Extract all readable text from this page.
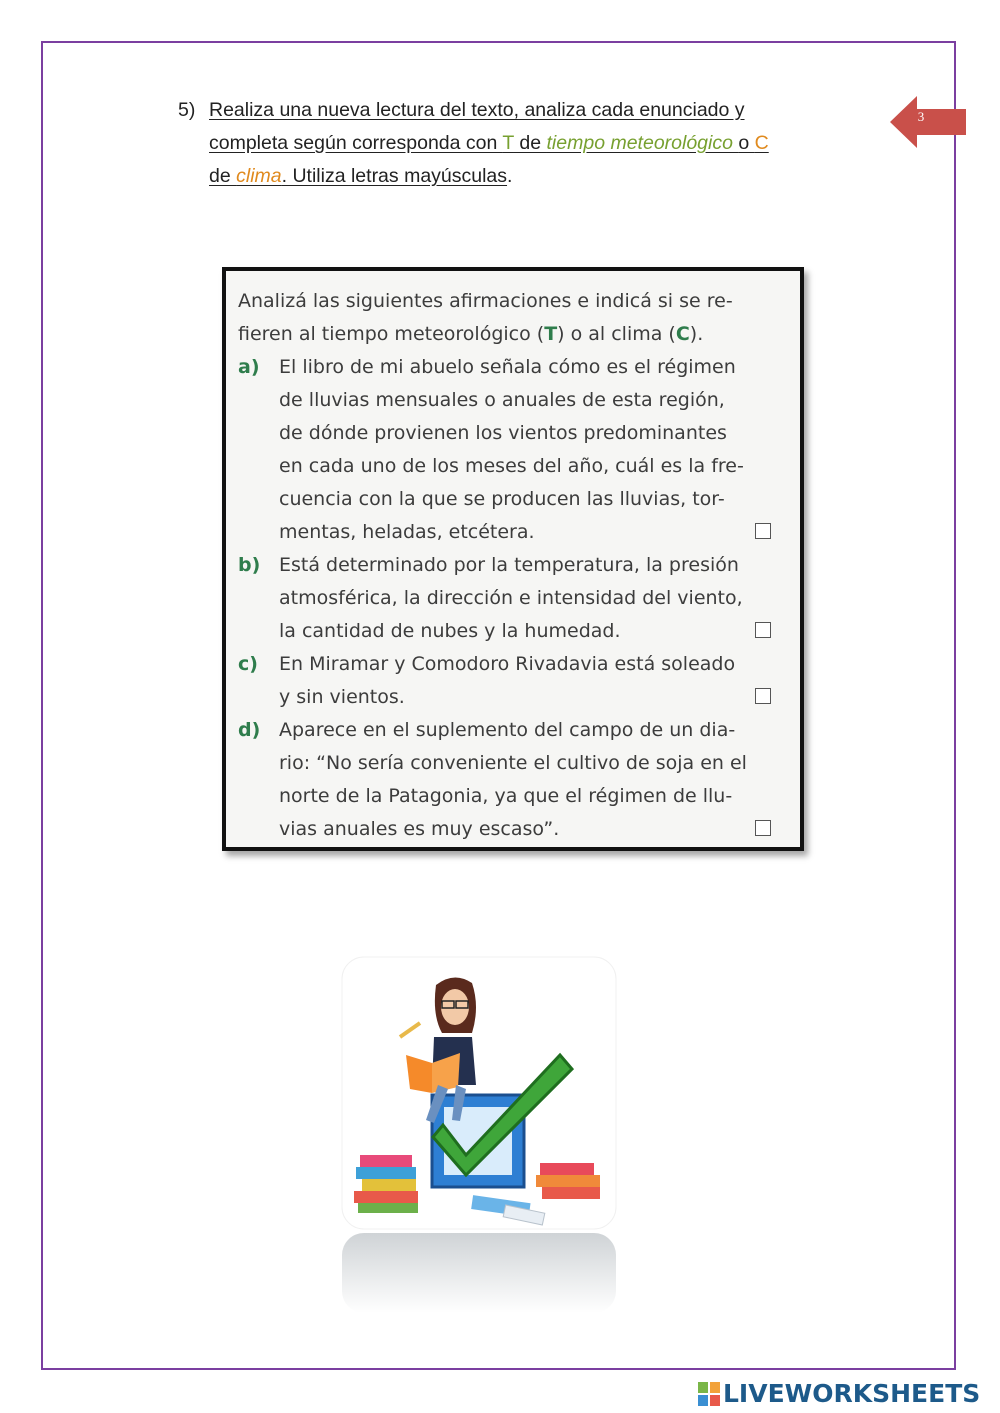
5) Realiza una nueva lectura del texto, analiza cada enunciado y
completa según corresponda con T de tiempo meteorológico o C
de clima. Utiliza letras mayúsculas.
3
Analizá las siguientes afirmaciones e indicá si se re-
fieren al tiempo meteorológico (T) o al clima (C).
a) El libro de mi abuelo señala cómo es el régimen
de lluvias mensuales o anuales de esta región,
de dónde provienen los vientos predominantes
en cada uno de los meses del año, cuál es la fre-
cuencia con la que se producen las lluvias, tor-
mentas, heladas, etcétera.
b) Está determinado por la temperatura, la presión
atmosférica, la dirección e intensidad del viento,
la cantidad de nubes y la humedad.
c) En Miramar y Comodoro Rivadavia está soleado
y sin vientos.
d) Aparece en el suplemento del campo de un dia-
rio: “No sería conveniente el cultivo de soja en el
norte de la Patagonia, ya que el régimen de llu-
vias anuales es muy escaso”.
LIVEWORKSHEETS
